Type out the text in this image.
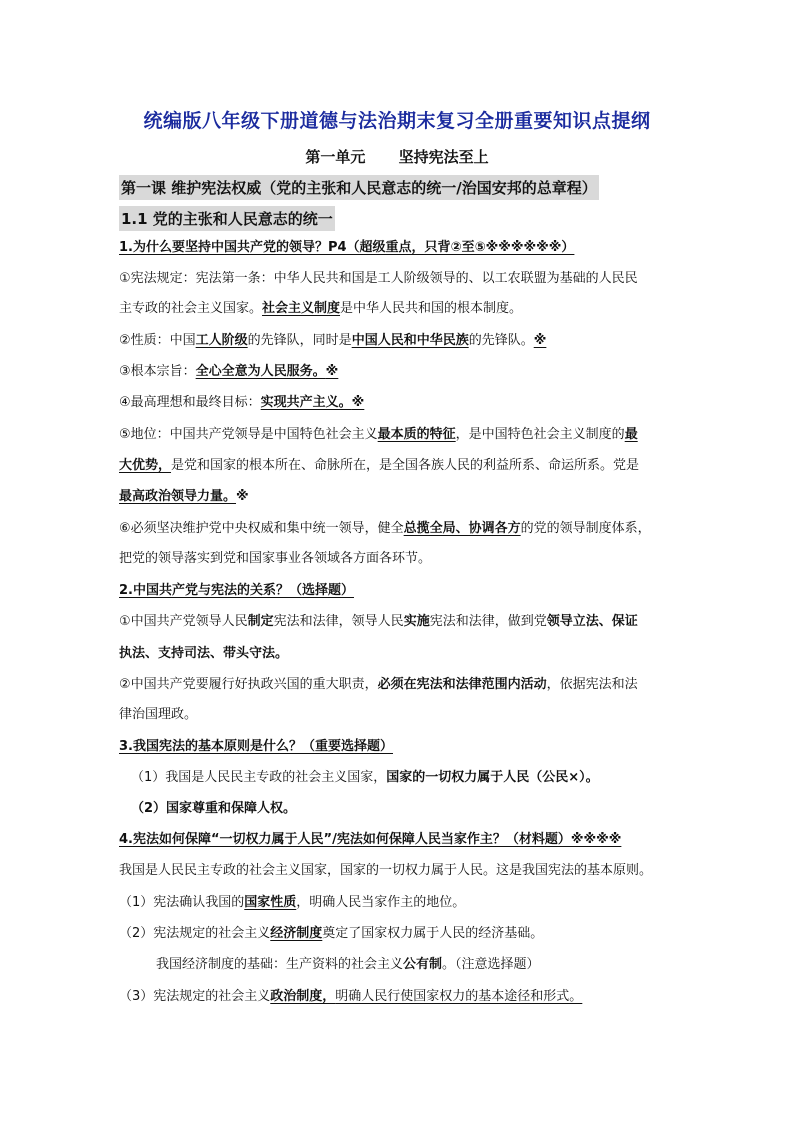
统编版八年级下册道德与法治期末复习全册重要知识点提纲
第一单元 坚持宪法至上
第一课 维护宪法权威（党的主张和人民意志的统一/治国安邦的总章程）
1.1 党的主张和人民意志的统一
1.为什么要坚持中国共产党的领导？P4（超级重点，只背②至⑤※※※※※※）
①宪法规定：宪法第一条：中华人民共和国是工人阶级领导的、以工农联盟为基础的人民民
主专政的社会主义国家。社会主义制度是中华人民共和国的根本制度。
②性质：中国工人阶级的先锋队，同时是中国人民和中华民族的先锋队。※
③根本宗旨：全心全意为人民服务。※
④最高理想和最终目标：实现共产主义。※
⑤地位：中国共产党领导是中国特色社会主义最本质的特征，是中国特色社会主义制度的最
大优势，是党和国家的根本所在、命脉所在，是全国各族人民的利益所系、命运所系。党是
最高政治领导力量。※
⑥必须坚决维护党中央权威和集中统一领导，健全总揽全局、协调各方的党的领导制度体系，
把党的领导落实到党和国家事业各领域各方面各环节。
2.中国共产党与宪法的关系？（选择题）
①中国共产党领导人民制定宪法和法律，领导人民实施宪法和法律，做到党领导立法、保证
执法、支持司法、带头守法。
②中国共产党要履行好执政兴国的重大职责，必须在宪法和法律范围内活动，依据宪法和法
律治国理政。
3.我国宪法的基本原则是什么？（重要选择题）
（1）我国是人民民主专政的社会主义国家，国家的一切权力属于人民（公民×）。
（2）国家尊重和保障人权。
4.宪法如何保障“一切权力属于人民”/宪法如何保障人民当家作主？（材料题）※※※※
我国是人民民主专政的社会主义国家，国家的一切权力属于人民。这是我国宪法的基本原则。
（1）宪法确认我国的国家性质，明确人民当家作主的地位。
（2）宪法规定的社会主义经济制度奠定了国家权力属于人民的经济基础。
我国经济制度的基础：生产资料的社会主义公有制。（注意选择题）
（3）宪法规定的社会主义政治制度，明确人民行使国家权力的基本途径和形式。
